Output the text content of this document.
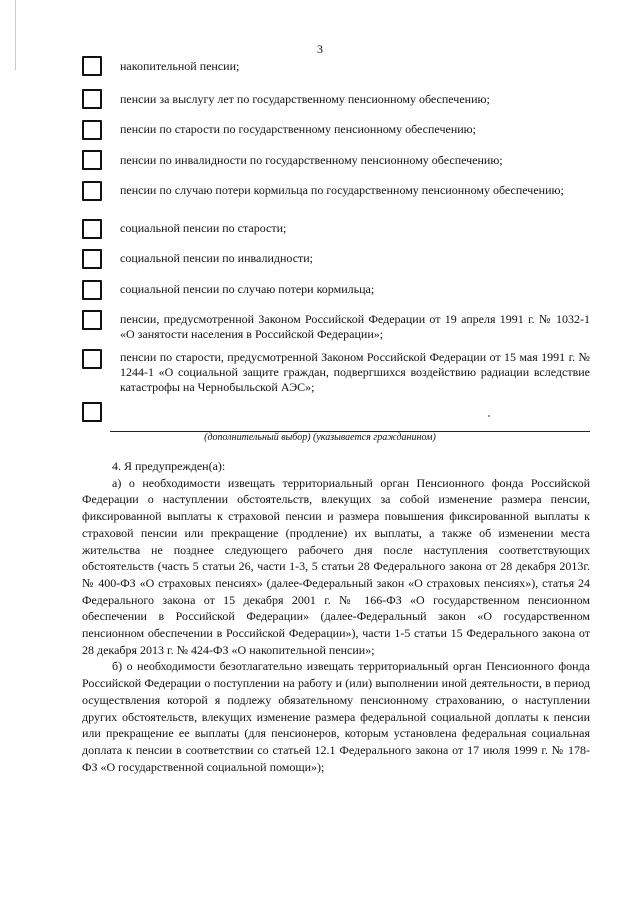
3
накопительной пенсии;
пенсии за выслугу лет по государственному пенсионному обеспечению;
пенсии по старости по государственному пенсионному обеспечению;
пенсии по инвалидности по государственному пенсионному обеспечению;
пенсии по случаю потери кормильца по государственному пенсионному обеспечению;
социальной пенсии по старости;
социальной пенсии по инвалидности;
социальной пенсии по случаю потери кормильца;
пенсии, предусмотренной Законом Российской Федерации от 19 апреля 1991 г. № 1032-1 «О занятости населения в Российской Федерации»;
пенсии по старости, предусмотренной Законом Российской Федерации от 15 мая 1991 г. № 1244-1 «О социальной защите граждан, подвергшихся воздействию радиации вследствие катастрофы на Чернобыльской АЭС»;
(дополнительный выбор) (указывается гражданином)

4. Я предупрежден(а):

а) о необходимости извещать территориальный орган Пенсионного фонда Российской Федерации о наступлении обстоятельств, влекущих за собой изменение размера пенсии, фиксированной выплаты к страховой пенсии и размера повышения фиксированной выплаты к страховой пенсии или прекращение (продление) их выплаты, а также об изменении места жительства не позднее следующего рабочего дня после наступления соответствующих обстоятельств (часть 5 статьи 26, части 1-3, 5 статьи 28 Федерального закона от 28 декабря 2013г. № 400-ФЗ «О страховых пенсиях» (далее-Федеральный закон «О страховых пенсиях»), статья 24 Федерального закона от 15 декабря 2001 г. № 166-ФЗ «О государственном пенсионном обеспечении в Российской Федерации» (далее-Федеральный закон «О государственном пенсионном обеспечении в Российской Федерации»), части 1-5 статьи 15 Федерального закона от 28 декабря 2013 г. № 424-ФЗ «О накопительной пенсии»;

б) о необходимости безотлагательно извещать территориальный орган Пенсионного фонда Российской Федерации о поступлении на работу и (или) выполнении иной деятельности, в период осуществления которой я подлежу обязательному пенсионному страхованию, о наступлении других обстоятельств, влекущих изменение размера федеральной социальной доплаты к пенсии или прекращение ее выплаты (для пенсионеров, которым установлена федеральная социальная доплата к пенсии в соответствии со статьей 12.1 Федерального закона от 17 июля 1999 г. № 178-ФЗ «О государственной социальной помощи»);
